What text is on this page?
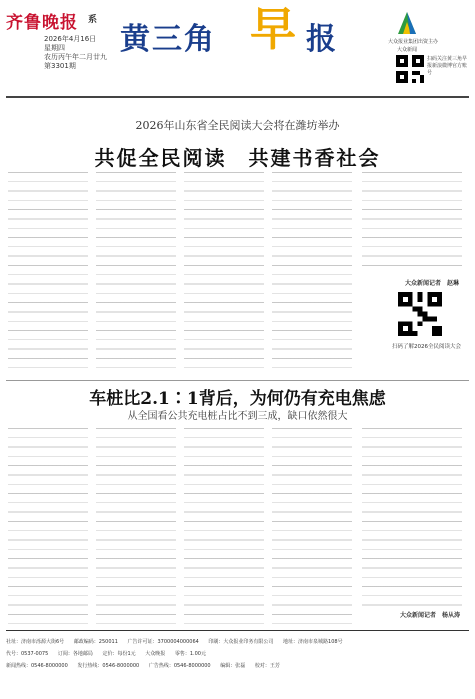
齐鲁晚报 系
2026年4月16日
星期四
农历丙午年二月廿九
第3301期
黄三角 早 报	大众报业集团出资主办
大众新闻
扫码关注黄三角早报新浪微博官方账号
2026年山东省全民阅读大会将在潍坊举办
共促全民阅读　共建书香社会
大众新闻记者　赵琳
扫码了解2026全民阅读大会
车桩比2.1∶1背后，为何仍有充电焦虑
从全国看公共充电桩占比不到三成，缺口依然很大
大众新闻记者　杨从涛
社址：济南市泺源大街6号 邮政编码：250011 广告许可证：3700004000064 印刷：大众报业印务有限公司 地址：济南市泉城路108号
代号：0537-0075 订阅：各地邮局 定价：每份1元 大众晚报 零售：1.00元
新闻热线：0546-8000000 发行热线：0546-8000000 广告热线：0546-8000000 编辑：张磊 校对：王芳
